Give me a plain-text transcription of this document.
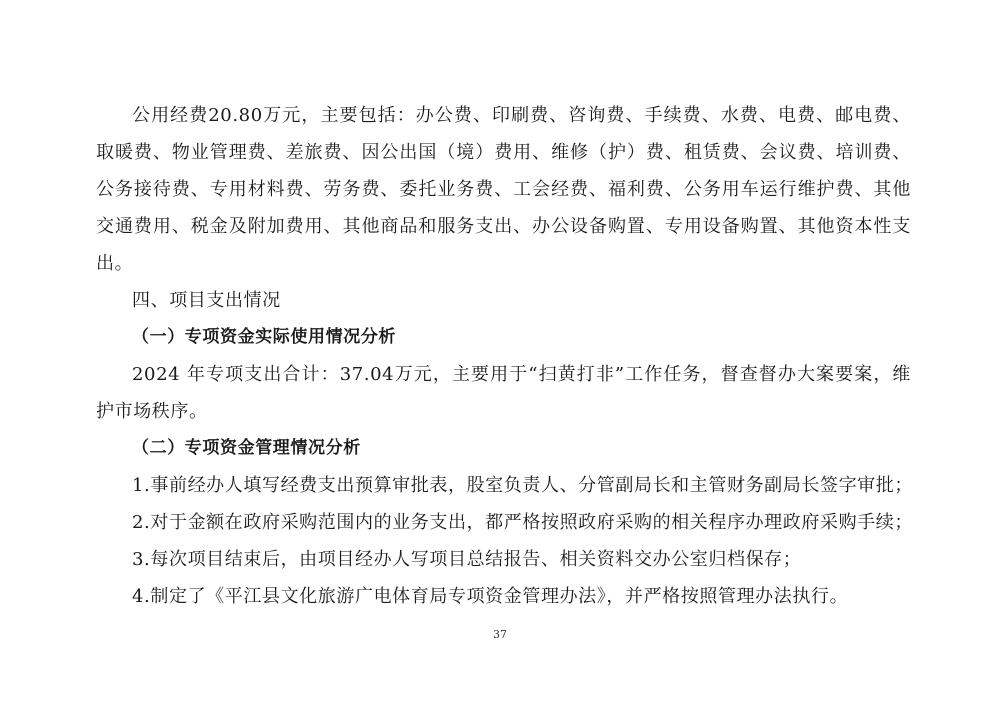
公用经费20.80万元，主要包括：办公费、印刷费、咨询费、手续费、水费、电费、邮电费、取暖费、物业管理费、差旅费、因公出国（境）费用、维修（护）费、租赁费、会议费、培训费、公务接待费、专用材料费、劳务费、委托业务费、工会经费、福利费、公务用车运行维护费、其他交通费用、税金及附加费用、其他商品和服务支出、办公设备购置、专用设备购置、其他资本性支出。

四、项目支出情况
（一）专项资金实际使用情况分析

2024 年专项支出合计：37.04万元，主要用于“扫黄打非”工作任务，督查督办大案要案，维护市场秩序。

（二）专项资金管理情况分析
1.事前经办人填写经费支出预算审批表，股室负责人、分管副局长和主管财务副局长签字审批；
2.对于金额在政府采购范围内的业务支出，都严格按照政府采购的相关程序办理政府采购手续；
3.每次项目结束后，由项目经办人写项目总结报告、相关资料交办公室归档保存；
4.制定了《平江县文化旅游广电体育局专项资金管理办法》，并严格按照管理办法执行。
37
